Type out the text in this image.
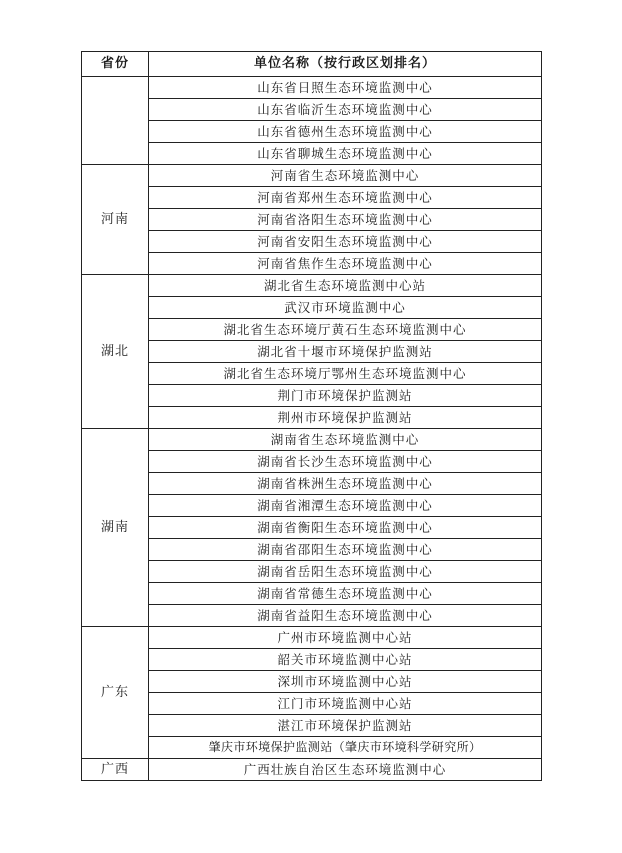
省份	单位名称（按行政区划排名）
	山东省日照生态环境监测中心
	山东省临沂生态环境监测中心
	山东省德州生态环境监测中心
	山东省聊城生态环境监测中心
河南	河南省生态环境监测中心
	河南省郑州生态环境监测中心
	河南省洛阳生态环境监测中心
	河南省安阳生态环境监测中心
	河南省焦作生态环境监测中心
湖北	湖北省生态环境监测中心站
	武汉市环境监测中心
	湖北省生态环境厅黄石生态环境监测中心
	湖北省十堰市环境保护监测站
	湖北省生态环境厅鄂州生态环境监测中心
	荆门市环境保护监测站
	荆州市环境保护监测站
湖南	湖南省生态环境监测中心
	湖南省长沙生态环境监测中心
	湖南省株洲生态环境监测中心
	湖南省湘潭生态环境监测中心
	湖南省衡阳生态环境监测中心
	湖南省邵阳生态环境监测中心
	湖南省岳阳生态环境监测中心
	湖南省常德生态环境监测中心
	湖南省益阳生态环境监测中心
广东	广州市环境监测中心站
	韶关市环境监测中心站
	深圳市环境监测中心站
	江门市环境监测中心站
	湛江市环境保护监测站
	肇庆市环境保护监测站（肇庆市环境科学研究所）
广西	广西壮族自治区生态环境监测中心
